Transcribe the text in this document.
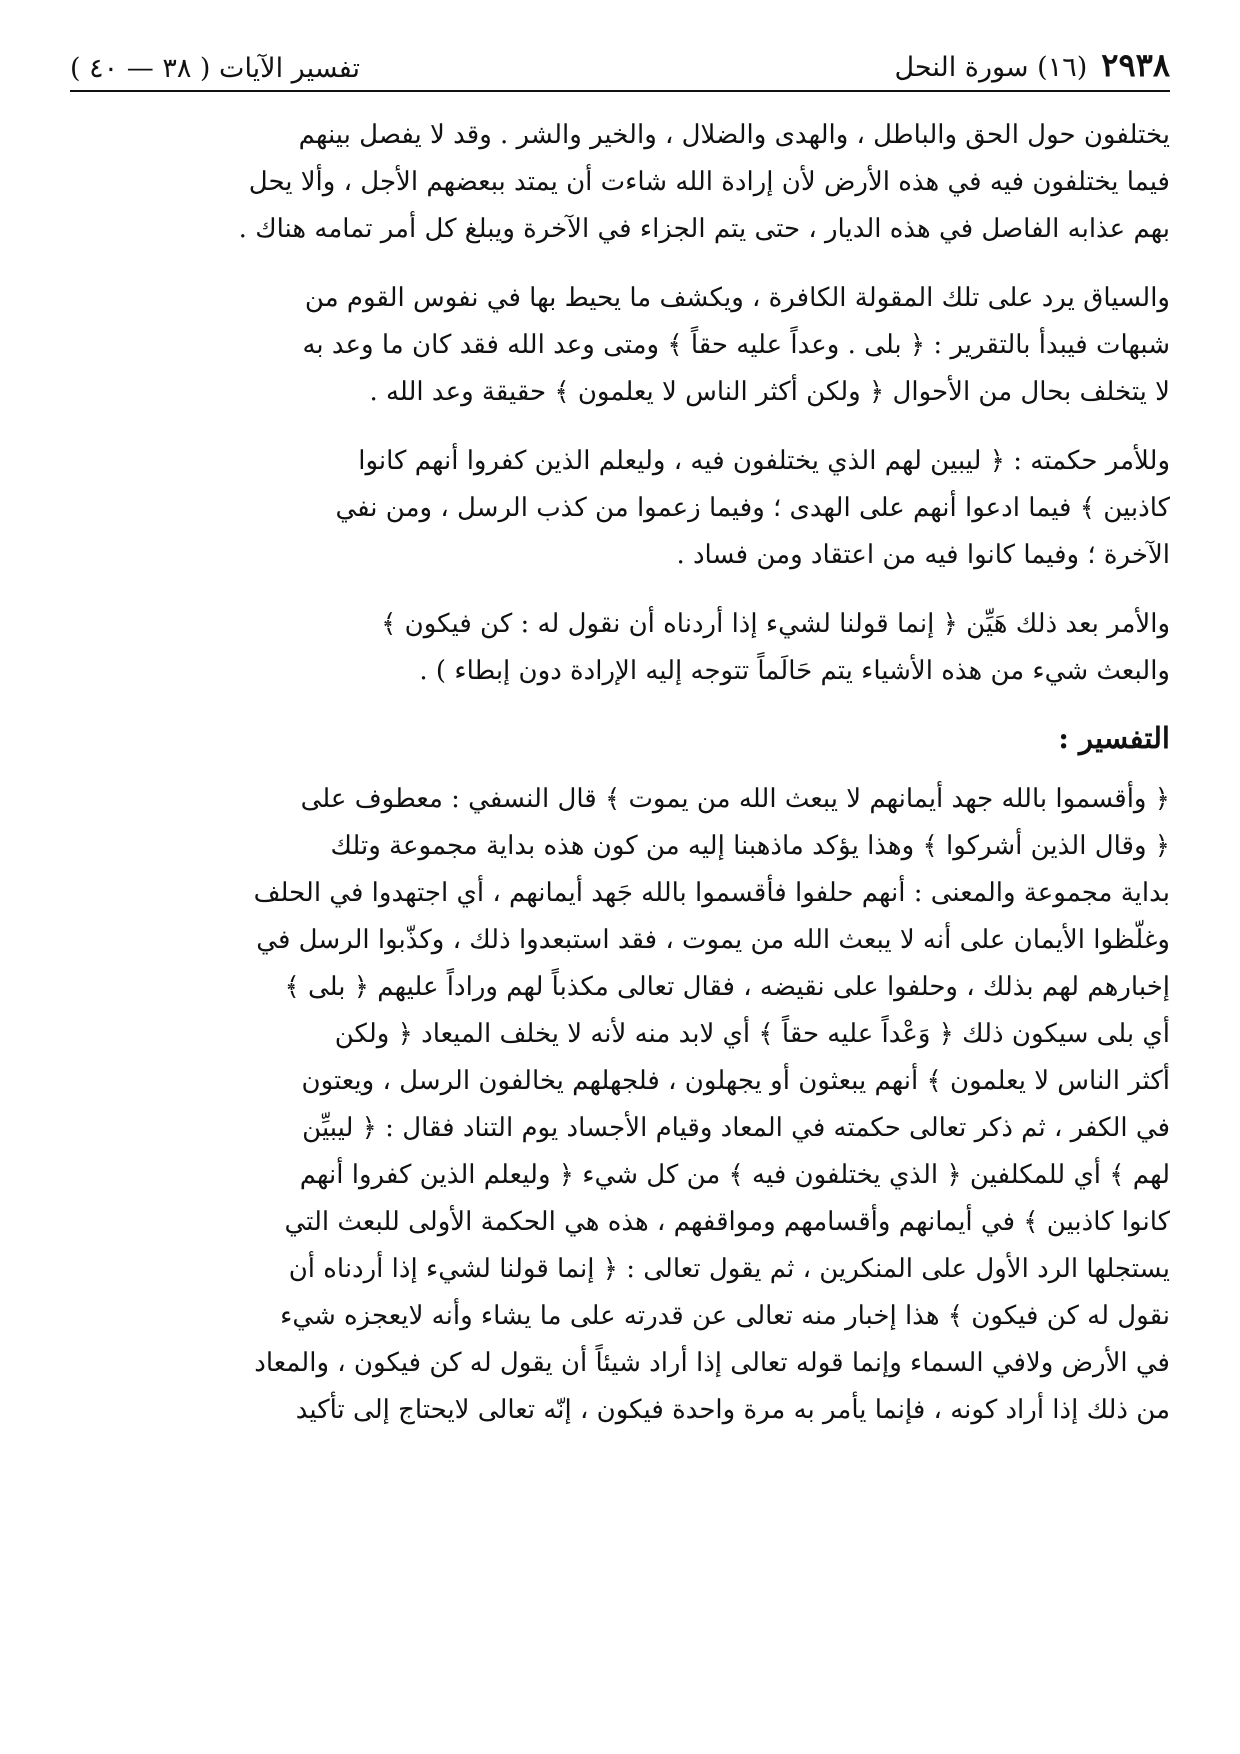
٢٩٣٨
(١٦) سورة النحل
تفسير الآيات ( ٣٨ — ٤٠ )
يختلفون حول الحق والباطل ، والهدى والضلال ، والخير والشر . وقد لا يفصل بينهم
فيما يختلفون فيه في هذه الأرض لأن إرادة الله شاءت أن يمتد ببعضهم الأجل ، وألا يحل
بهم عذابه الفاصل في هذه الديار ، حتى يتم الجزاء في الآخرة ويبلغ كل أمر تمامه هناك .
والسياق يرد على تلك المقولة الكافرة ، ويكشف ما يحيط بها في نفوس القوم من
شبهات فيبدأ بالتقرير : ﴿ بلى . وعداً عليه حقاً ﴾ ومتى وعد الله فقد كان ما وعد به
لا يتخلف بحال من الأحوال ﴿ ولكن أكثر الناس لا يعلمون ﴾ حقيقة وعد الله .
وللأمر حكمته : ﴿ ليبين لهم الذي يختلفون فيه ، وليعلم الذين كفروا أنهم كانوا
كاذبين ﴾ فيما ادعوا أنهم على الهدى ؛ وفيما زعموا من كذب الرسل ، ومن نفي
الآخرة ؛ وفيما كانوا فيه من اعتقاد ومن فساد .
والأمر بعد ذلك هَيِّن ﴿ إنما قولنا لشيء إذا أردناه أن نقول له : كن فيكون ﴾
والبعث شيء من هذه الأشياء يتم حَالَماً تتوجه إليه الإرادة دون إبطاء ) .
التفسير :
﴿ وأقسموا بالله جهد أيمانهم لا يبعث الله من يموت ﴾ قال النسفي : معطوف على
﴿ وقال الذين أشركوا ﴾ وهذا يؤكد ماذهبنا إليه من كون هذه بداية مجموعة وتلك
بداية مجموعة والمعنى : أنهم حلفوا فأقسموا بالله جَهد أيمانهم ، أي اجتهدوا في الحلف
وغلّظوا الأيمان على أنه لا يبعث الله من يموت ، فقد استبعدوا ذلك ، وكذّبوا الرسل في
إخبارهم لهم بذلك ، وحلفوا على نقيضه ، فقال تعالى مكذباً لهم وراداً عليهم ﴿ بلى ﴾
أي بلى سيكون ذلك ﴿ وَعْداً عليه حقاً ﴾ أي لابد منه لأنه لا يخلف الميعاد ﴿ ولكن
أكثر الناس لا يعلمون ﴾ أنهم يبعثون أو يجهلون ، فلجهلهم يخالفون الرسل ، ويعتون
في الكفر ، ثم ذكر تعالى حكمته في المعاد وقيام الأجساد يوم التناد فقال : ﴿ ليبيِّن
لهم ﴾ أي للمكلفين ﴿ الذي يختلفون فيه ﴾ من كل شيء ﴿ وليعلم الذين كفروا أنهم
كانوا كاذبين ﴾ في أيمانهم وأقسامهم ومواقفهم ، هذه هي الحكمة الأولى للبعث التي
يستجلها الرد الأول على المنكرين ، ثم يقول تعالى : ﴿ إنما قولنا لشيء إذا أردناه أن
نقول له كن فيكون ﴾ هذا إخبار منه تعالى عن قدرته على ما يشاء وأنه لايعجزه شيء
في الأرض ولافي السماء وإنما قوله تعالى إذا أراد شيئاً أن يقول له كن فيكون ، والمعاد
من ذلك إذا أراد كونه ، فإنما يأمر به مرة واحدة فيكون ، إنّه تعالى لايحتاج إلى تأكيد
